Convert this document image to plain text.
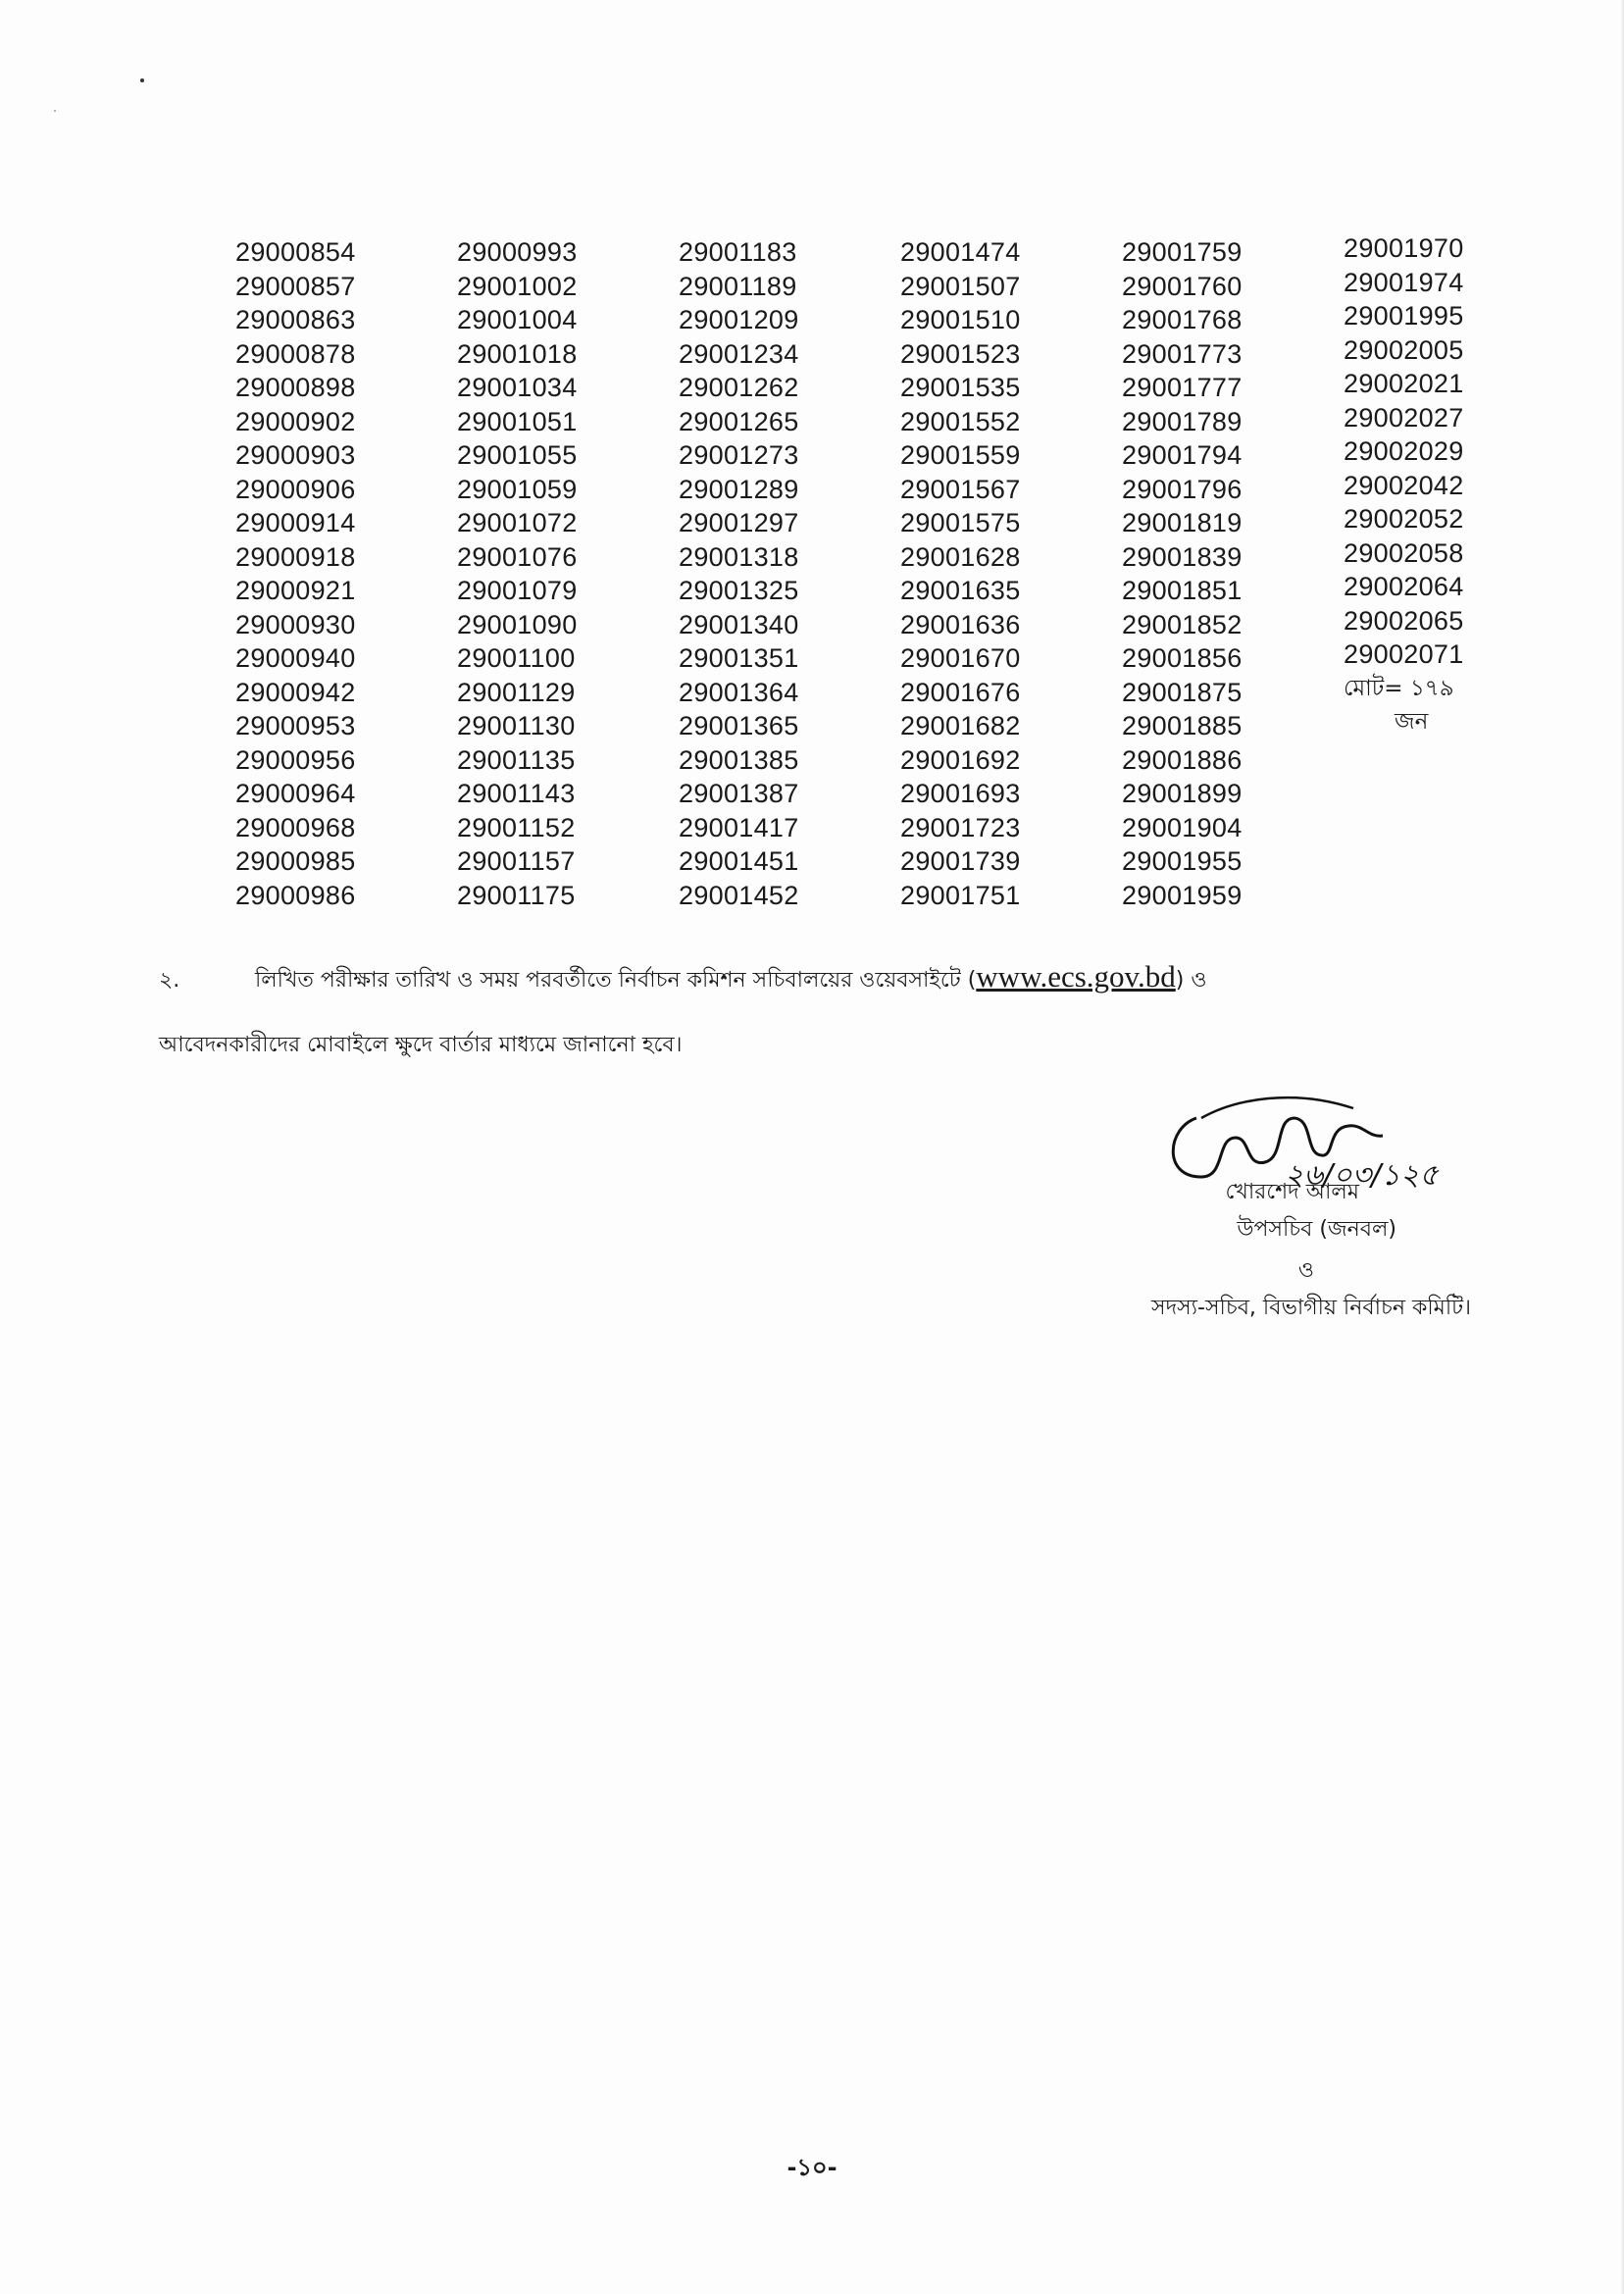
29000854
29000857
29000863
29000878
29000898
29000902
29000903
29000906
29000914
29000918
29000921
29000930
29000940
29000942
29000953
29000956
29000964
29000968
29000985
29000986
29000993
29001002
29001004
29001018
29001034
29001051
29001055
29001059
29001072
29001076
29001079
29001090
29001100
29001129
29001130
29001135
29001143
29001152
29001157
29001175
29001183
29001189
29001209
29001234
29001262
29001265
29001273
29001289
29001297
29001318
29001325
29001340
29001351
29001364
29001365
29001385
29001387
29001417
29001451
29001452
29001474
29001507
29001510
29001523
29001535
29001552
29001559
29001567
29001575
29001628
29001635
29001636
29001670
29001676
29001682
29001692
29001693
29001723
29001739
29001751
29001759
29001760
29001768
29001773
29001777
29001789
29001794
29001796
29001819
29001839
29001851
29001852
29001856
29001875
29001885
29001886
29001899
29001904
29001955
29001959
29001970
29001974
29001995
29002005
29002021
29002027
29002029
29002042
29002052
29002058
29002064
29002065
29002071
মোট= ১৭৯
জন
২.	লিখিত পরীক্ষার তারিখ ও সময় পরবর্তীতে নির্বাচন কমিশন সচিবালয়ের ওয়েবসাইটে (www.ecs.gov.bd) ও
আবেদনকারীদের মোবাইলে ক্ষুদে বার্তার মাধ্যমে জানানো হবে।
২৬/০৩/১২৫
খোরশেদ আলম
উপসচিব (জনবল)
ও
সদস্য-সচিব, বিভাগীয় নির্বাচন কমিটি।
-১০-
